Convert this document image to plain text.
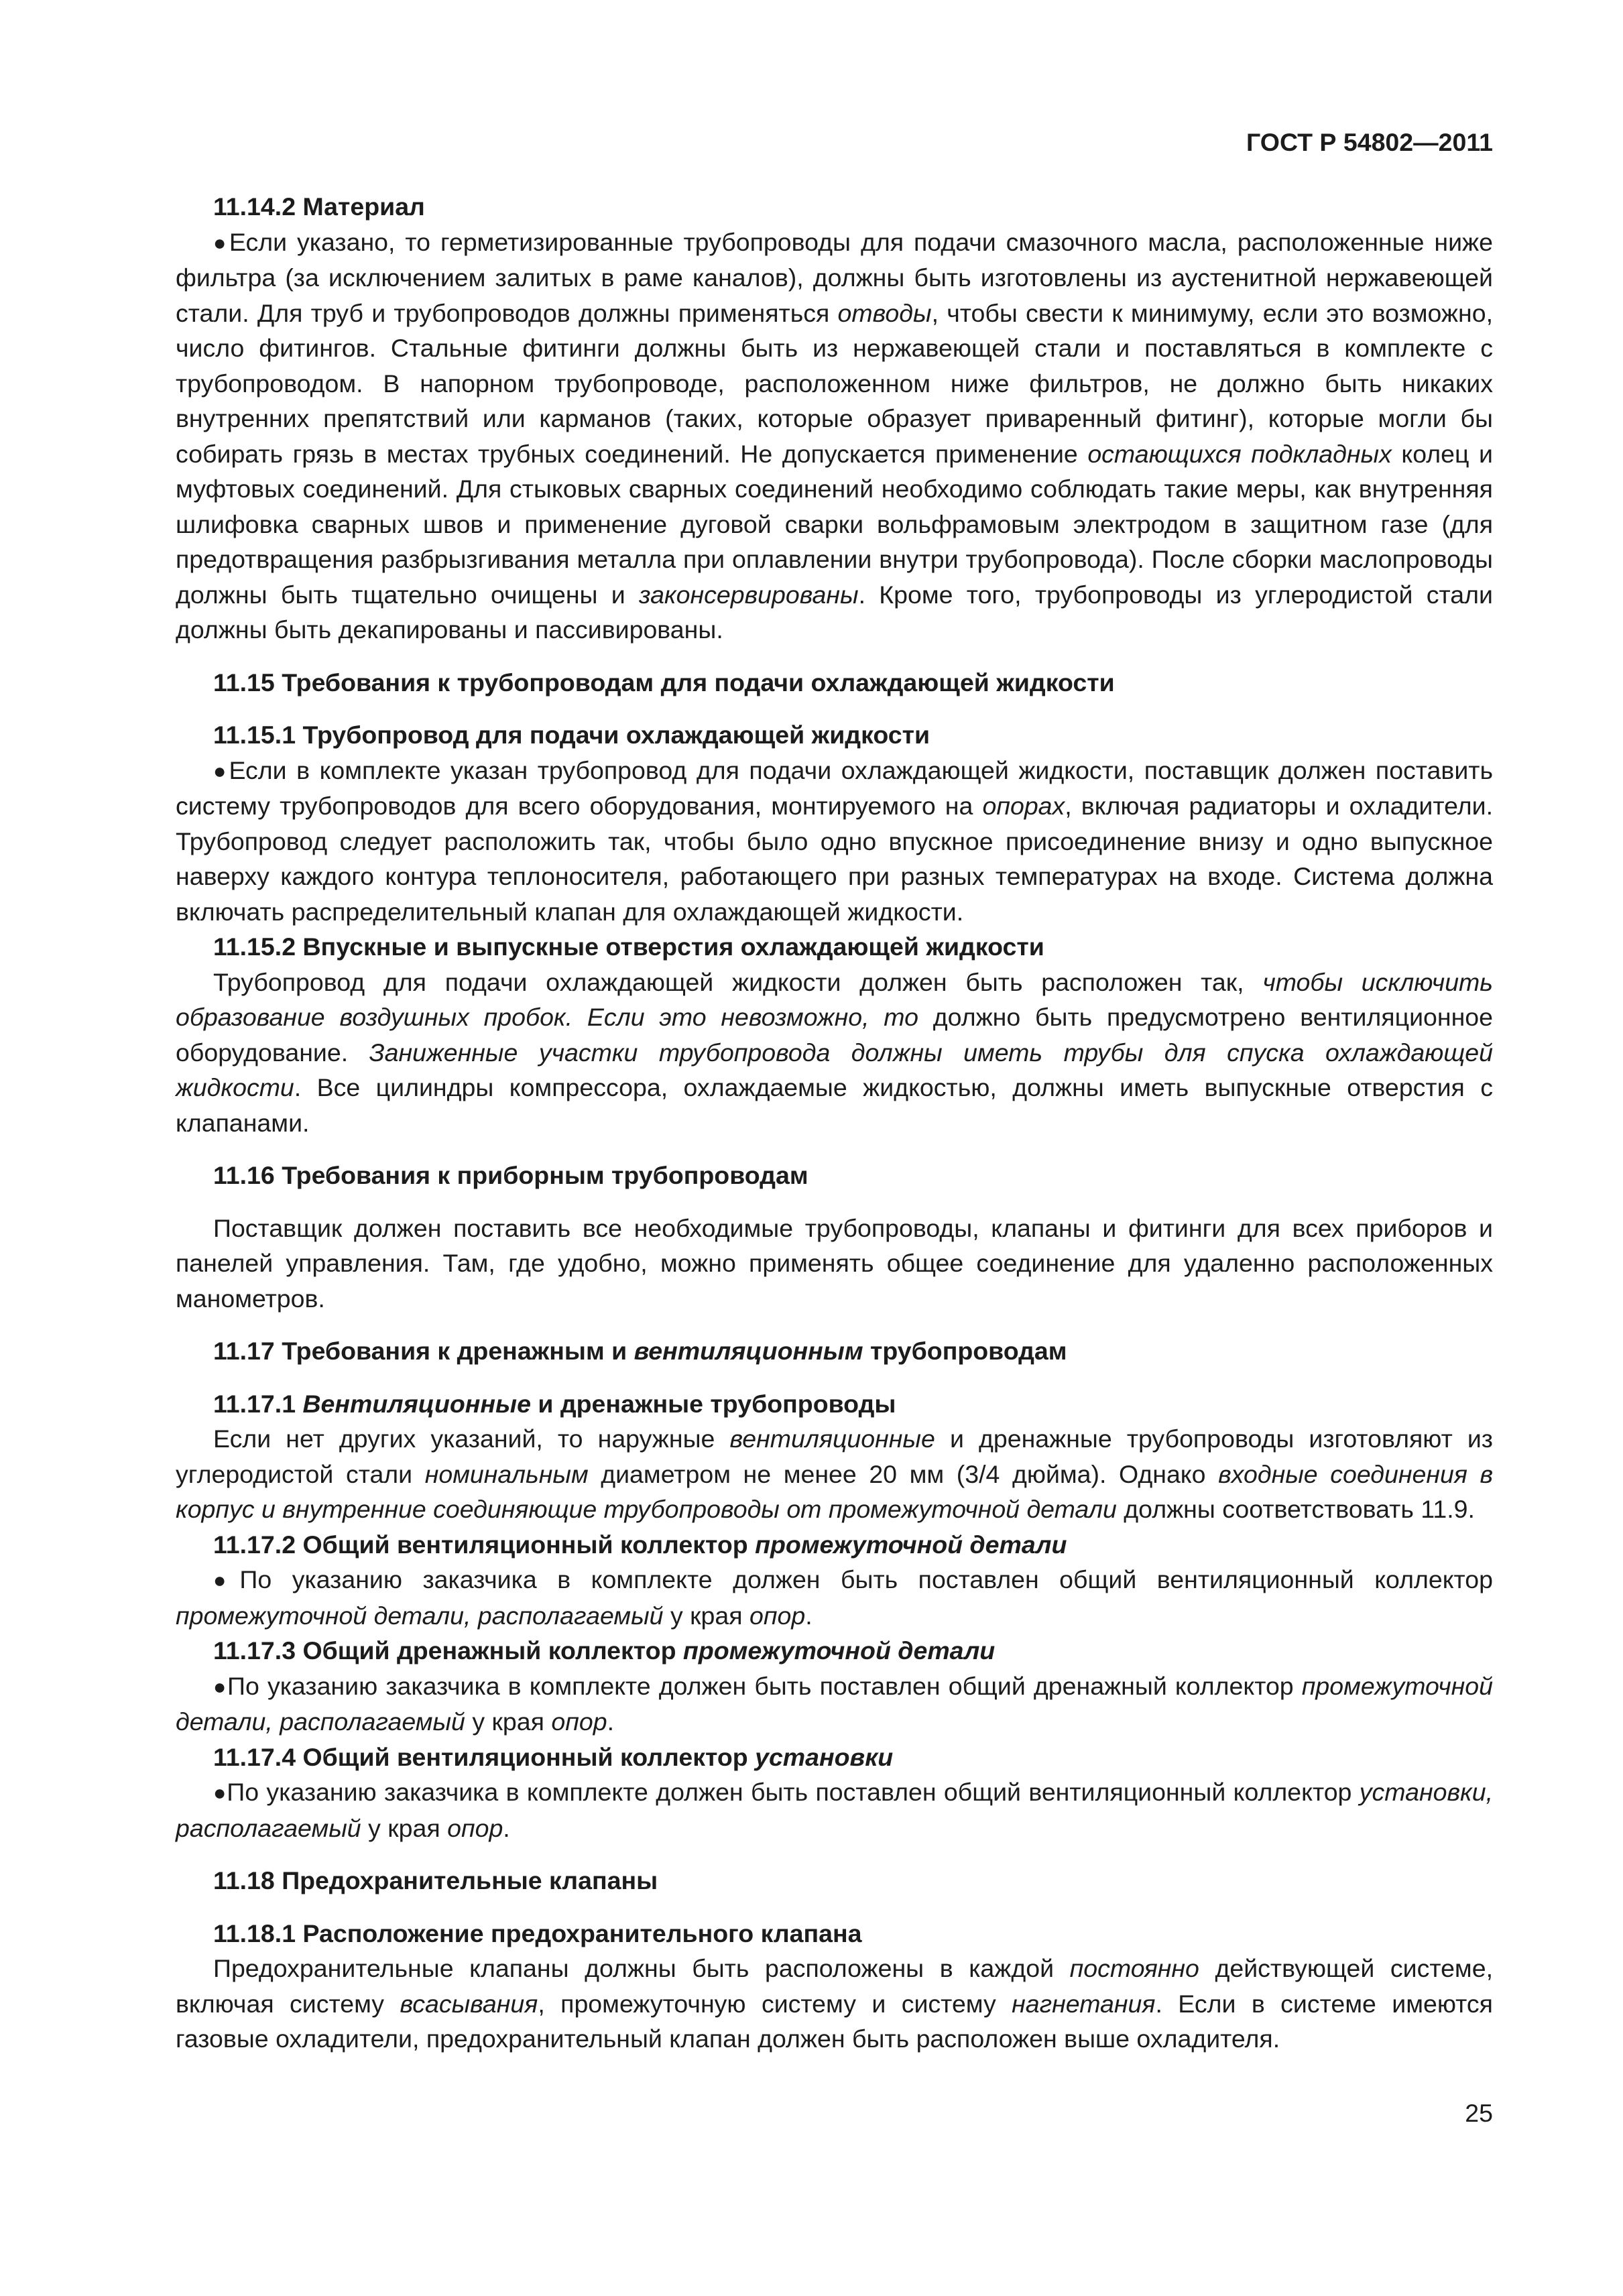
ГОСТ Р 54802—2011

11.14.2 Материал

●Если указано, то герметизированные трубопроводы для подачи смазочного масла, расположенные ниже фильтра (за исключением залитых в раме каналов), должны быть изготовлены из аустенитной нержавеющей стали. Для труб и трубопроводов должны применяться отводы, чтобы свести к минимуму, если это возможно, число фитингов. Стальные фитинги должны быть из нержавеющей стали и поставляться в комплекте с трубопроводом. В напорном трубопроводе, расположенном ниже фильтров, не должно быть никаких внутренних препятствий или карманов (таких, которые образует приваренный фитинг), которые могли бы собирать грязь в местах трубных соединений. Не допускается применение остающихся подкладных колец и муфтовых соединений. Для стыковых сварных соединений необходимо соблюдать такие меры, как внутренняя шлифовка сварных швов и применение дуговой сварки вольфрамовым электродом в защитном газе (для предотвращения разбрызгивания металла при оплавлении внутри трубопровода). После сборки маслопроводы должны быть тщательно очищены и законсервированы. Кроме того, трубопроводы из углеродистой стали должны быть декапированы и пассивированы.

11.15 Требования к трубопроводам для подачи охлаждающей жидкости

11.15.1 Трубопровод для подачи охлаждающей жидкости

●Если в комплекте указан трубопровод для подачи охлаждающей жидкости, поставщик должен поставить систему трубопроводов для всего оборудования, монтируемого на опорах, включая радиаторы и охладители. Трубопровод следует расположить так, чтобы было одно впускное присоединение внизу и одно выпускное наверху каждого контура теплоносителя, работающего при разных температурах на входе. Система должна включать распределительный клапан для охлаждающей жидкости.

11.15.2 Впускные и выпускные отверстия охлаждающей жидкости

Трубопровод для подачи охлаждающей жидкости должен быть расположен так, чтобы исключить образование воздушных пробок. Если это невозможно, то должно быть предусмотрено вентиляционное оборудование. Заниженные участки трубопровода должны иметь трубы для спуска охлаждающей жидкости. Все цилиндры компрессора, охлаждаемые жидкостью, должны иметь выпускные отверстия с клапанами.

11.16 Требования к приборным трубопроводам

Поставщик должен поставить все необходимые трубопроводы, клапаны и фитинги для всех приборов и панелей управления. Там, где удобно, можно применять общее соединение для удаленно расположенных манометров.

11.17 Требования к дренажным и вентиляционным трубопроводам

11.17.1 Вентиляционные и дренажные трубопроводы

Если нет других указаний, то наружные вентиляционные и дренажные трубопроводы изготовляют из углеродистой стали номинальным диаметром не менее 20 мм (3/4 дюйма). Однако входные соединения в корпус и внутренние соединяющие трубопроводы от промежуточной детали должны соответствовать 11.9.

11.17.2 Общий вентиляционный коллектор промежуточной детали

●По указанию заказчика в комплекте должен быть поставлен общий вентиляционный коллектор промежуточной детали, располагаемый у края опор.

11.17.3 Общий дренажный коллектор промежуточной детали

●По указанию заказчика в комплекте должен быть поставлен общий дренажный коллектор промежуточной детали, располагаемый у края опор.

11.17.4 Общий вентиляционный коллектор установки

●По указанию заказчика в комплекте должен быть поставлен общий вентиляционный коллектор установки, располагаемый у края опор.

11.18 Предохранительные клапаны

11.18.1 Расположение предохранительного клапана

Предохранительные клапаны должны быть расположены в каждой постоянно действующей системе, включая систему всасывания, промежуточную систему и систему нагнетания. Если в системе имеются газовые охладители, предохранительный клапан должен быть расположен выше охладителя.

25
